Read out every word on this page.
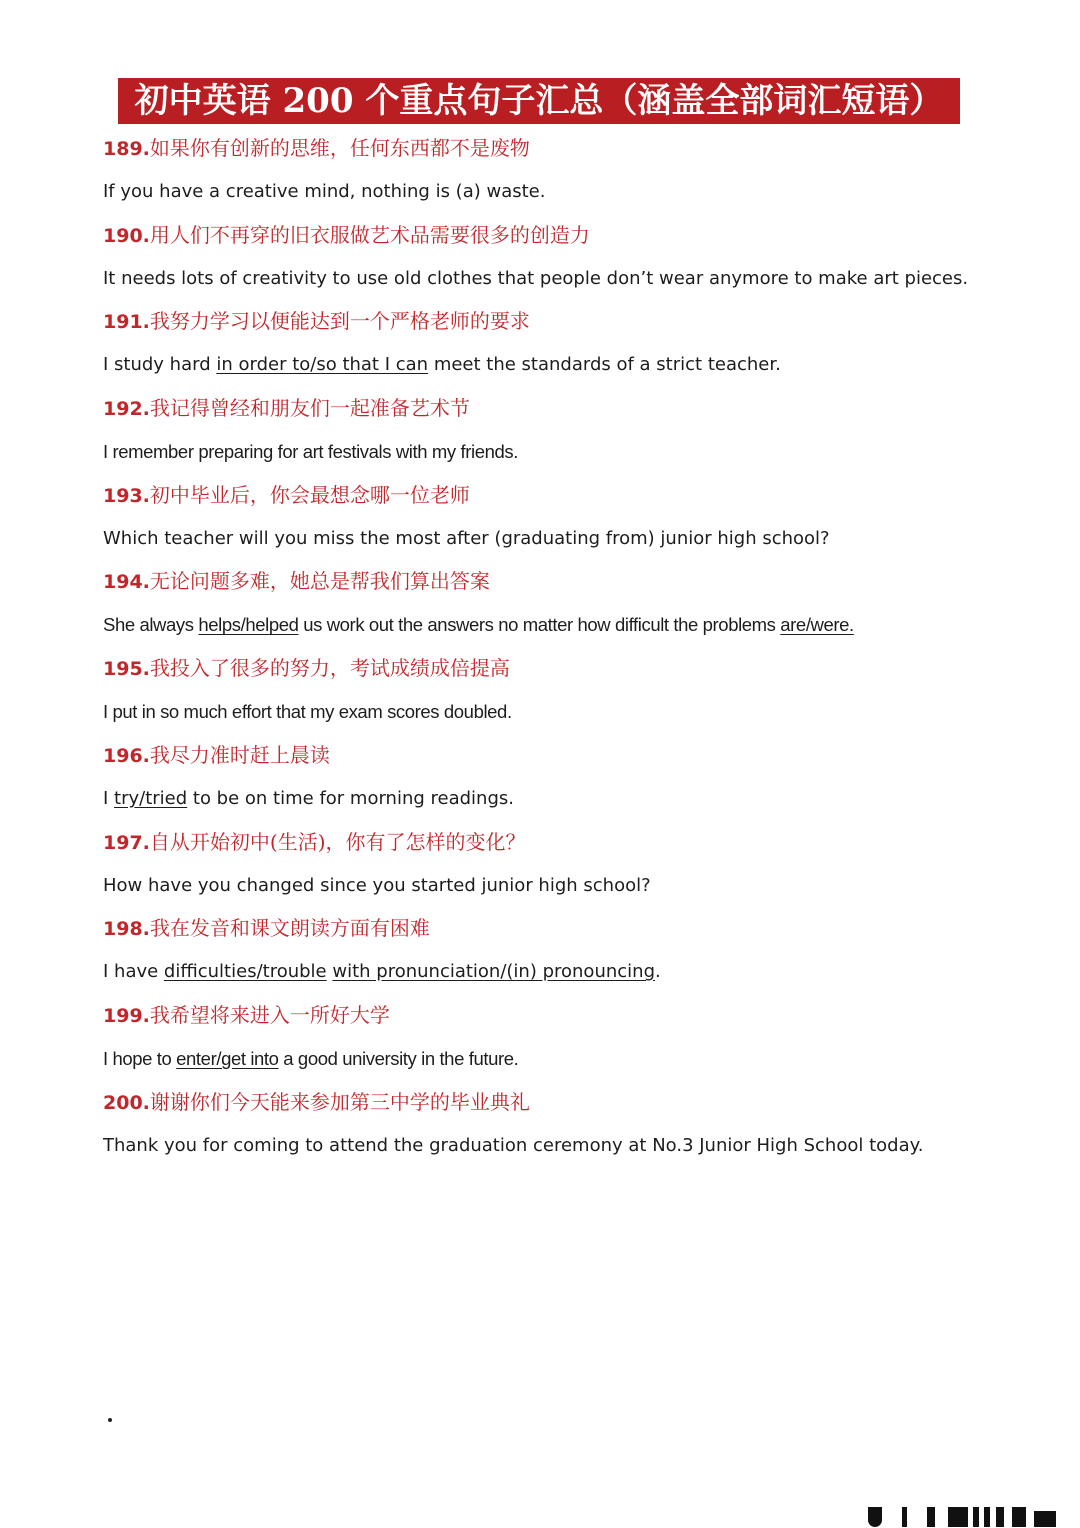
初中英语 200 个重点句子汇总（涵盖全部词汇短语）
189.如果你有创新的思维，任何东西都不是废物
If you have a creative mind, nothing is (a) waste.
190.用人们不再穿的旧衣服做艺术品需要很多的创造力
It needs lots of creativity to use old clothes that people don’t wear anymore to make art pieces.
191.我努力学习以便能达到一个严格老师的要求
I study hard in order to/so that I can meet the standards of a strict teacher.
192.我记得曾经和朋友们一起准备艺术节
I remember preparing for art festivals with my friends.
193.初中毕业后，你会最想念哪一位老师
Which teacher will you miss the most after (graduating from) junior high school?
194.无论问题多难，她总是帮我们算出答案
She always helps/helped us work out the answers no matter how difficult the problems are/were.
195.我投入了很多的努力，考试成绩成倍提高
I put in so much effort that my exam scores doubled.
196.我尽力准时赶上晨读
I try/tried to be on time for morning readings.
197.自从开始初中(生活)，你有了怎样的变化？
How have you changed since you started junior high school?
198.我在发音和课文朗读方面有困难
I have difficulties/trouble with pronunciation/(in) pronouncing.
199.我希望将来进入一所好大学
I hope to enter/get into a good university in the future.
200.谢谢你们今天能来参加第三中学的毕业典礼
Thank you for coming to attend the graduation ceremony at No.3 Junior High School today.
